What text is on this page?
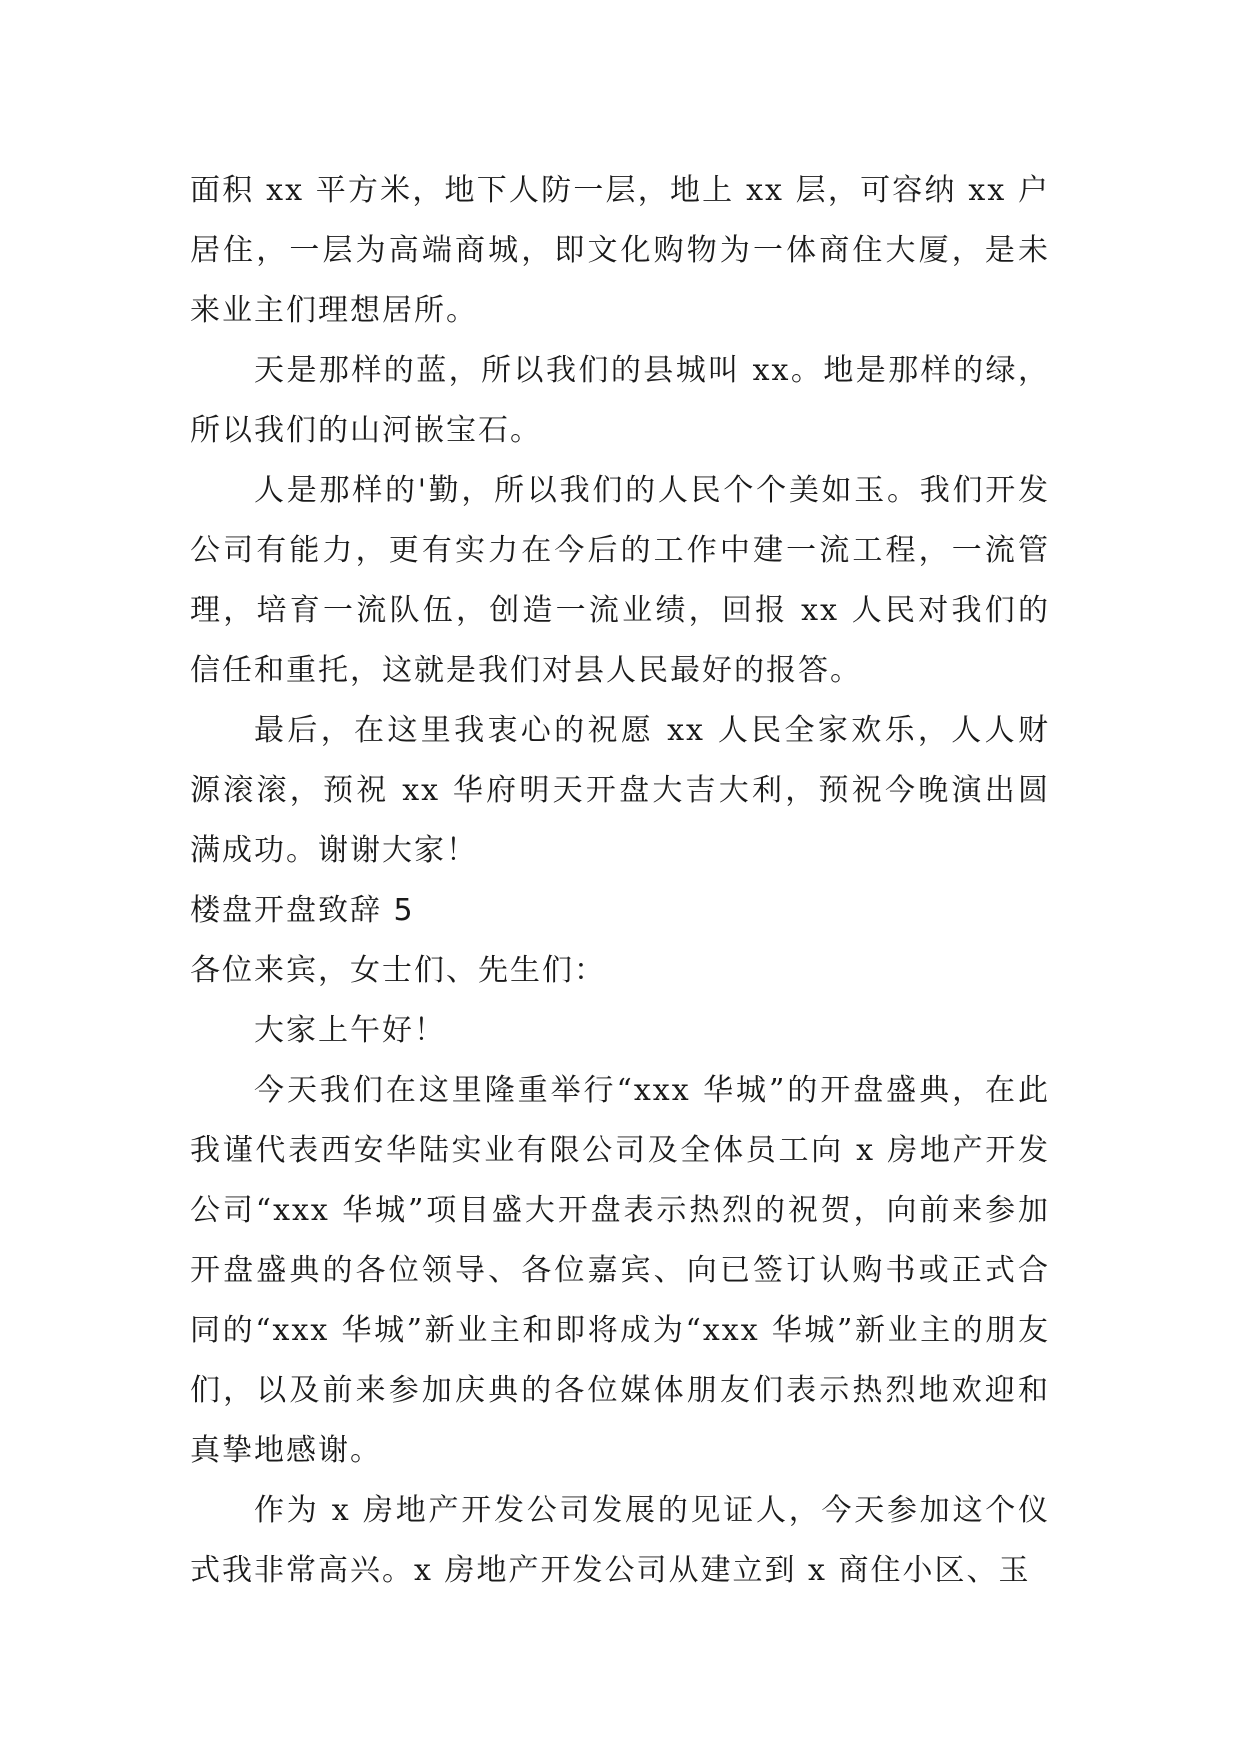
面积 xx 平方米，地下人防一层，地上 xx 层，可容纳 xx 户居住，一层为高端商城，即文化购物为一体商住大厦，是未来业主们理想居所。

天是那样的蓝，所以我们的县城叫 xx。地是那样的绿，所以我们的山河嵌宝石。

人是那样的'勤，所以我们的人民个个美如玉。我们开发公司有能力，更有实力在今后的工作中建一流工程，一流管理，培育一流队伍，创造一流业绩，回报 xx 人民对我们的信任和重托，这就是我们对县人民最好的报答。

最后，在这里我衷心的祝愿 xx 人民全家欢乐，人人财源滚滚，预祝 xx 华府明天开盘大吉大利，预祝今晚演出圆满成功。谢谢大家！

楼盘开盘致辞 5

各位来宾，女士们、先生们：

大家上午好！

今天我们在这里隆重举行“xxx 华城”的开盘盛典，在此我谨代表西安华陆实业有限公司及全体员工向 x 房地产开发公司“xxx 华城”项目盛大开盘表示热烈的祝贺，向前来参加开盘盛典的各位领导、各位嘉宾、向已签订认购书或正式合同的“xxx 华城”新业主和即将成为“xxx 华城”新业主的朋友们，以及前来参加庆典的各位媒体朋友们表示热烈地欢迎和真挚地感谢。

作为 x 房地产开发公司发展的见证人，今天参加这个仪式我非常高兴。x 房地产开发公司从建立到 x 商住小区、玉
